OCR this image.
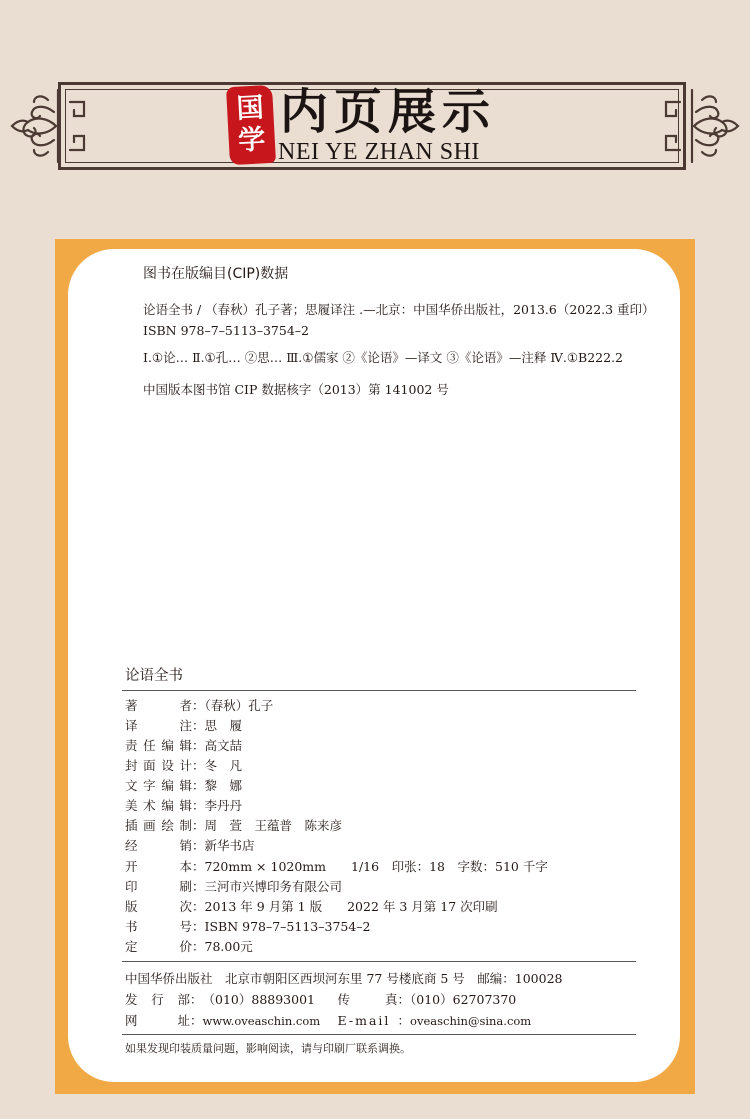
国
学
内页展示
NEI YE ZHAN SHI
图书在版编目(CIP)数据
论语全书 / （春秋）孔子著；思履译注 .—北京：中国华侨出版社，2013.6（2022.3 重印）
ISBN 978–7–5113–3754–2
Ⅰ.①论… Ⅱ.①孔… ②思… Ⅲ.①儒家 ②《论语》—译文 ③《论语》—注释 Ⅳ.①B222.2
中国版本图书馆 CIP 数据核字（2013）第 141002 号
论语全书
著　　者：（春秋）孔子
译　　注：思　履
责任编辑：高文喆
封面设计：冬　凡
文字编辑：黎　娜
美术编辑：李丹丹
插画绘制：周　萱　王蕴普　陈来彦
经　　销：新华书店
开　　本：720mm × 1020mm　　1/16　印张：18　字数：510 千字
印　　刷：三河市兴博印务有限公司
版　　次：2013 年 9 月第 1 版　　2022 年 3 月第 17 次印刷
书　　号：ISBN 978–7–5113–3754–2
定　　价：78.00元
中国华侨出版社　北京市朝阳区西坝河东里 77 号楼底商 5 号　邮编：100028
发 行 部：（010）88893001 传　　真：（010）62707370
网　　址：www.oveaschin.com E-mail ：oveaschin@sina.com
如果发现印装质量问题，影响阅读，请与印刷厂联系调换。
